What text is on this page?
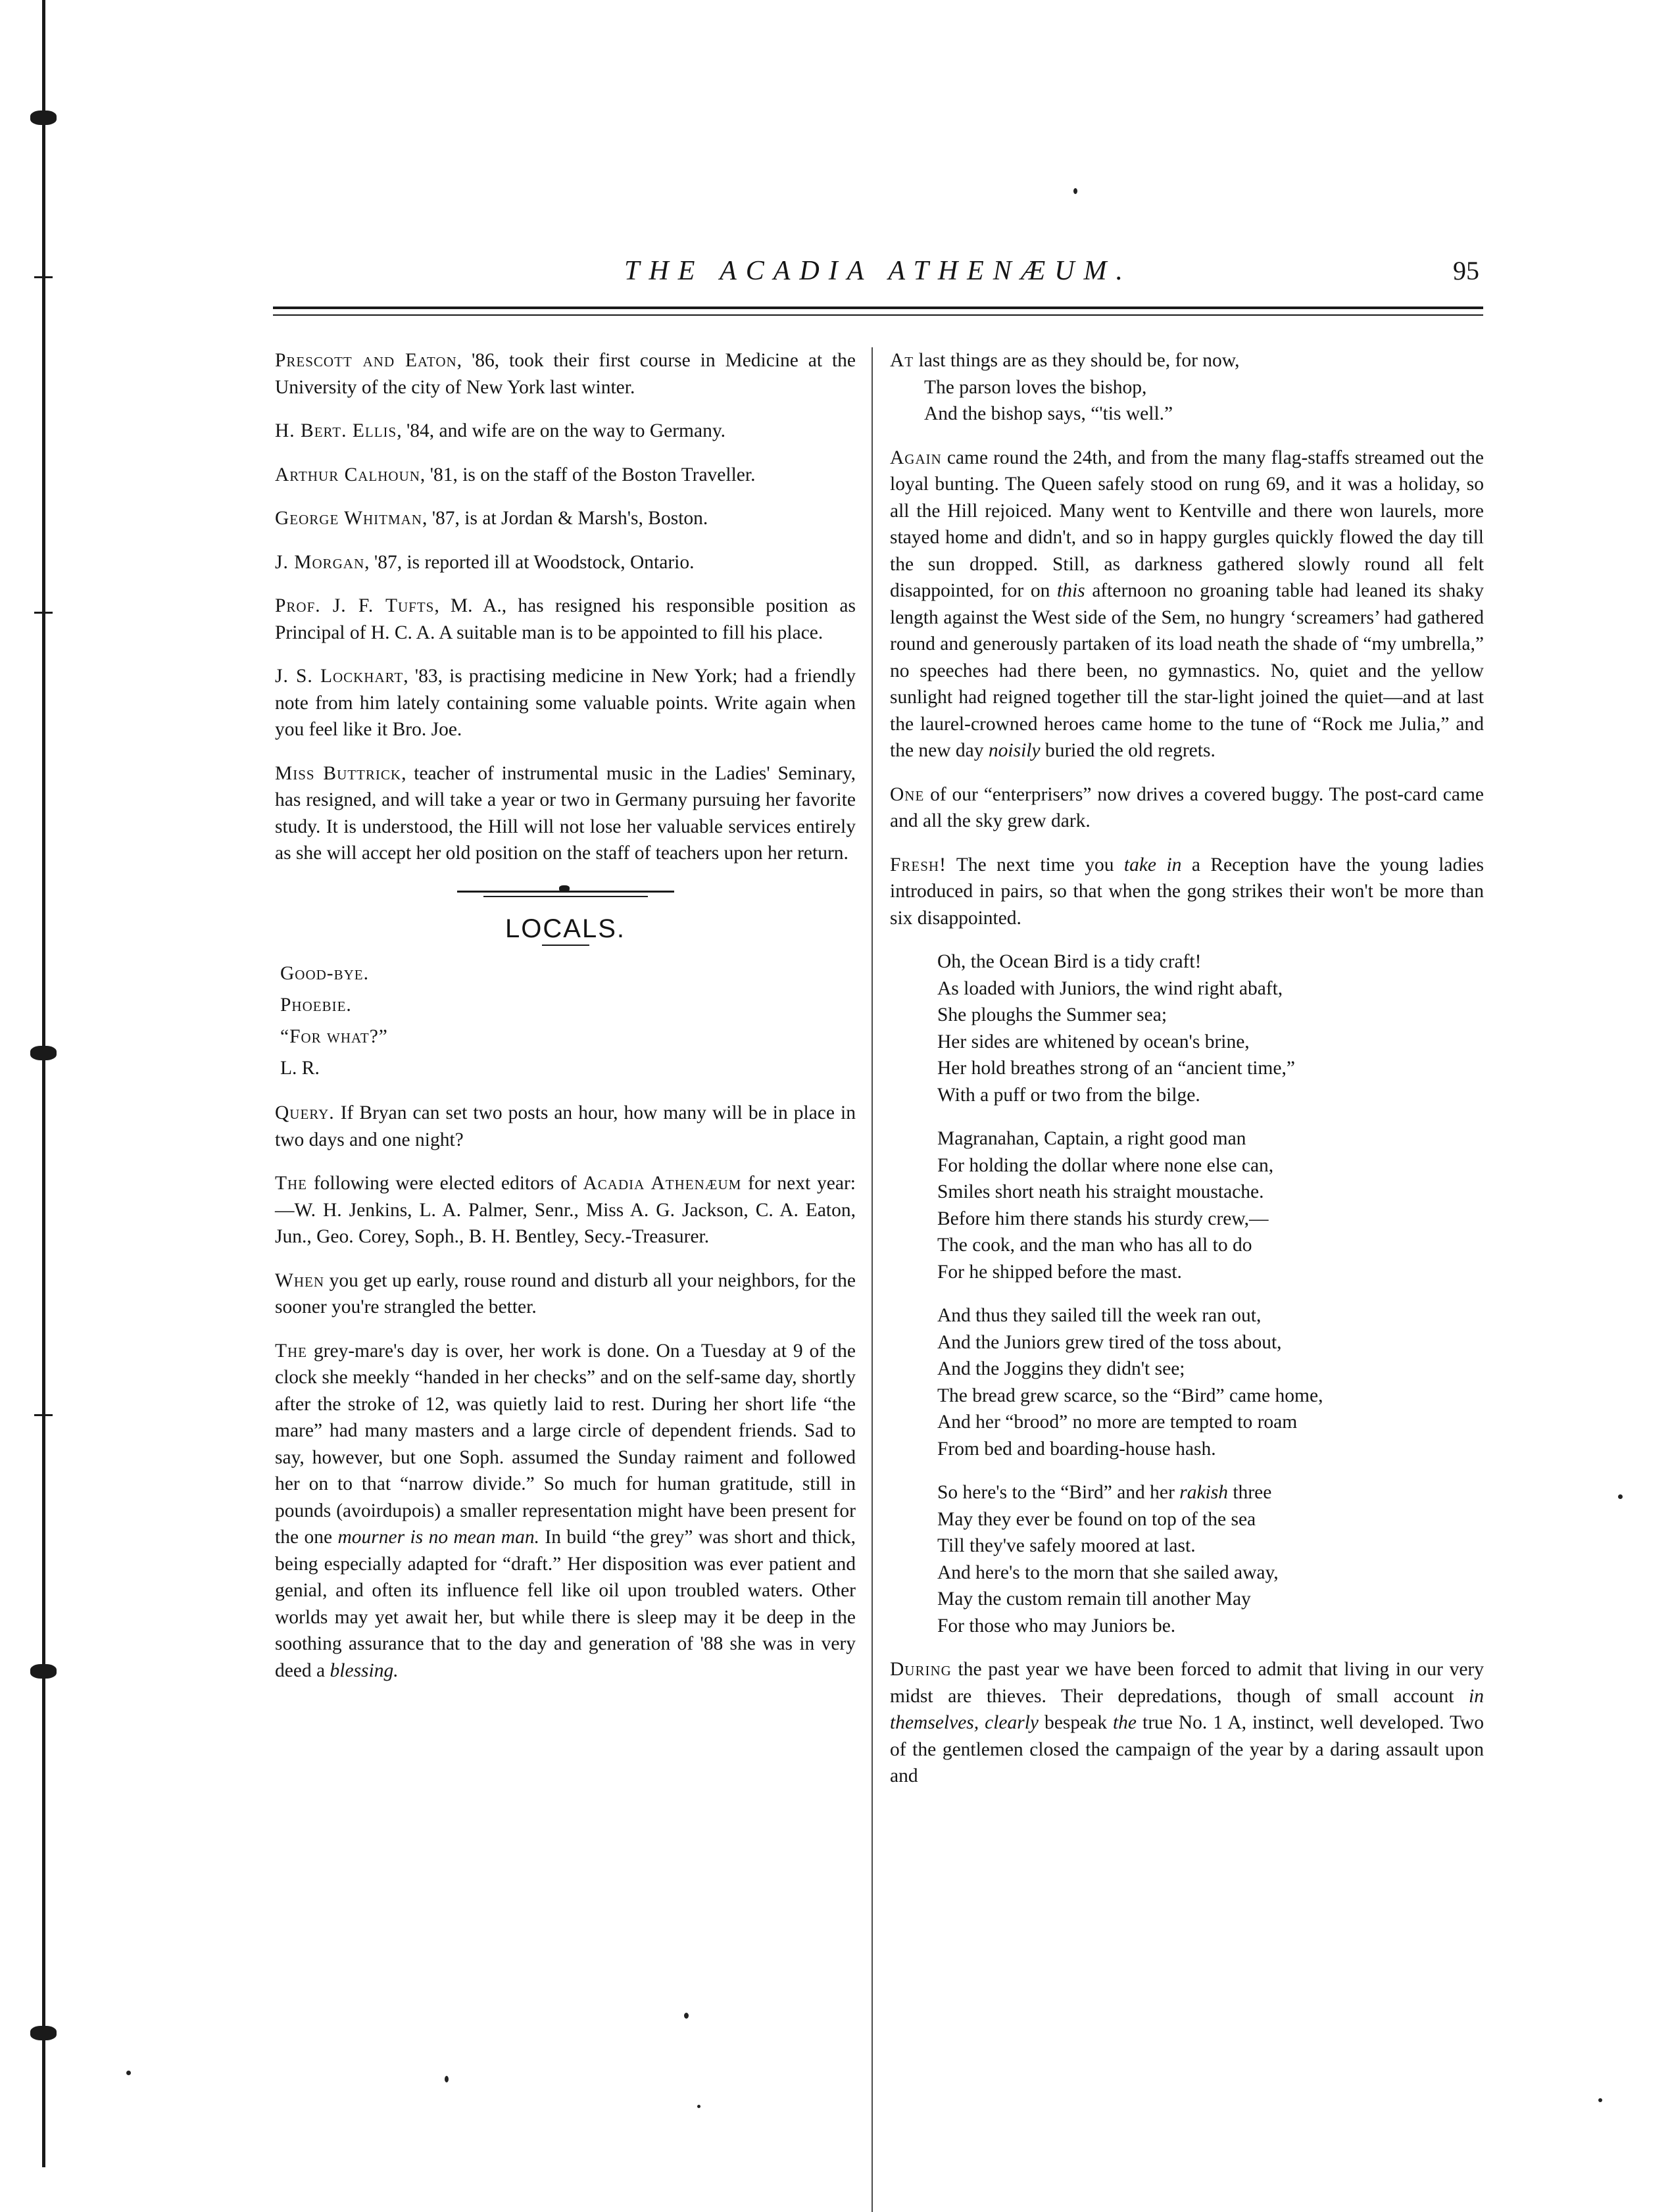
THE ACADIA ATHENÆUM.	95

Prescott and Eaton, '86, took their first course in Medicine at the University of the city of New York last winter.

H. Bert. Ellis, '84, and wife are on the way to Germany.

Arthur Calhoun, '81, is on the staff of the Boston Traveller.

George Whitman, '87, is at Jordan & Marsh's, Boston.

J. Morgan, '87, is reported ill at Woodstock, Ontario.

Prof. J. F. Tufts, M. A., has resigned his responsible position as Principal of H. C. A. A suitable man is to be appointed to fill his place.

J. S. Lockhart, '83, is practising medicine in New York; had a friendly note from him lately containing some valuable points. Write again when you feel like it Bro. Joe.

Miss Buttrick, teacher of instrumental music in the Ladies' Seminary, has resigned, and will take a year or two in Germany pursuing her favorite study. It is understood, the Hill will not lose her valuable services entirely as she will accept her old position on the staff of teachers upon her return.

LOCALS.
Good-bye.
Phoebie.
“For what?”
L. R.

Query. If Bryan can set two posts an hour, how many will be in place in two days and one night?

The following were elected editors of Acadia Athenæum for next year:—W. H. Jenkins, L. A. Palmer, Senr., Miss A. G. Jackson, C. A. Eaton, Jun., Geo. Corey, Soph., B. H. Bentley, Secy.-Treasurer.

When you get up early, rouse round and disturb all your neighbors, for the sooner you're strangled the better.

The grey-mare's day is over, her work is done. On a Tuesday at 9 of the clock she meekly “handed in her checks” and on the self-same day, shortly after the stroke of 12, was quietly laid to rest. During her short life “the mare” had many masters and a large circle of dependent friends. Sad to say, however, but one Soph. assumed the Sunday raiment and followed her on to that “narrow divide.” So much for human gratitude, still in pounds (avoirdupois) a smaller representation might have been present for the one mourner is no mean man. In build “the grey” was short and thick, being especially adapted for “draft.” Her disposition was ever patient and genial, and often its influence fell like oil upon troubled waters. Other worlds may yet await her, but while there is sleep may it be deep in the soothing assurance that to the day and generation of '88 she was in very deed a blessing.

At last things are as they should be, for now,
The parson loves the bishop,
And the bishop says, “'tis well.”

Again came round the 24th, and from the many flag-staffs streamed out the loyal bunting. The Queen safely stood on rung 69, and it was a holiday, so all the Hill rejoiced. Many went to Kentville and there won laurels, more stayed home and didn't, and so in happy gurgles quickly flowed the day till the sun dropped. Still, as darkness gathered slowly round all felt disappointed, for on this afternoon no groaning table had leaned its shaky length against the West side of the Sem, no hungry ‘screamers’ had gathered round and generously partaken of its load neath the shade of “my umbrella,” no speeches had there been, no gymnastics. No, quiet and the yellow sunlight had reigned together till the star-light joined the quiet—and at last the laurel-crowned heroes came home to the tune of “Rock me Julia,” and the new day noisily buried the old regrets.

One of our “enterprisers” now drives a covered buggy. The post-card came and all the sky grew dark.

Fresh! The next time you take in a Reception have the young ladies introduced in pairs, so that when the gong strikes their won't be more than six disappointed.

Oh, the Ocean Bird is a tidy craft!
As loaded with Juniors, the wind right abaft,
She ploughs the Summer sea;
Her sides are whitened by ocean's brine,
Her hold breathes strong of an “ancient time,”
With a puff or two from the bilge.
Magranahan, Captain, a right good man
For holding the dollar where none else can,
Smiles short neath his straight moustache.
Before him there stands his sturdy crew,—
The cook, and the man who has all to do
For he shipped before the mast.
And thus they sailed till the week ran out,
And the Juniors grew tired of the toss about,
And the Joggins they didn't see;
The bread grew scarce, so the “Bird” came home,
And her “brood” no more are tempted to roam
From bed and boarding-house hash.
So here's to the “Bird” and her rakish three
May they ever be found on top of the sea
Till they've safely moored at last.
And here's to the morn that she sailed away,
May the custom remain till another May
For those who may Juniors be.

During the past year we have been forced to admit that living in our very midst are thieves. Their depredations, though of small account in themselves, clearly bespeak the true No. 1 A, instinct, well developed. Two of the gentlemen closed the campaign of the year by a daring assault upon and
